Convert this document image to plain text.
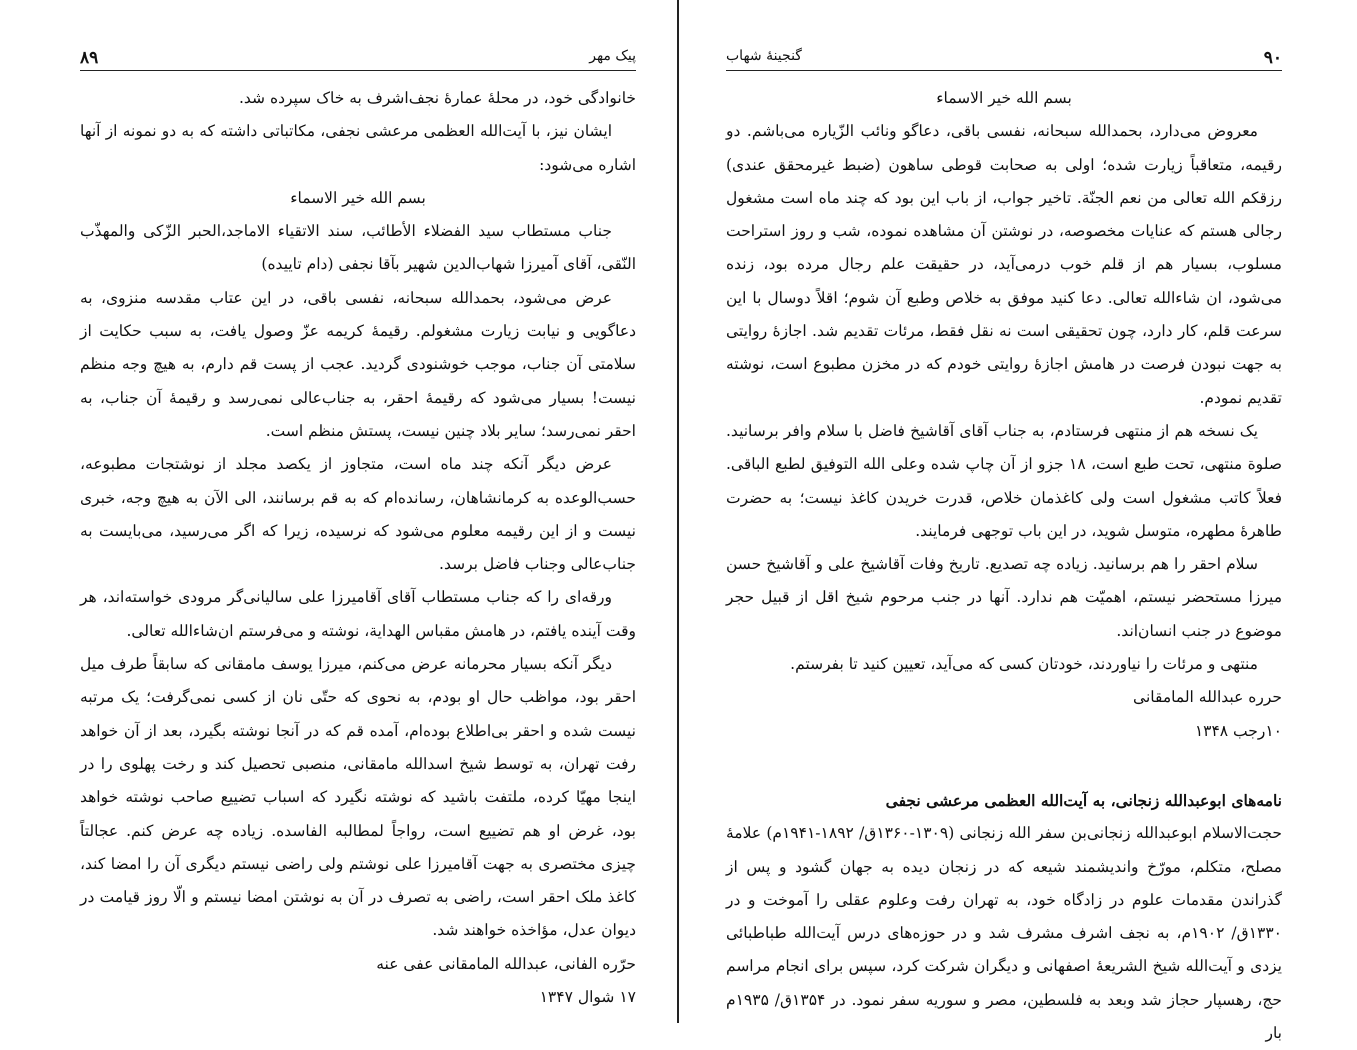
۸۹	پیک مهر

خانوادگی خود، در محلهٔ عمارهٔ نجف‌اشرف به خاک سپرده شد.

ایشان نیز، با آیت‌الله العظمی مرعشی نجفی، مکاتباتی داشته که به دو نمونه از آنها اشاره می‌شود:

بسم الله خیر الاسماء

جناب مستطاب سید الفضلاء الأطائب، سند الاتقیاء الاماجد،الحبر الزّکی والمهذّب النّقی، آقای آمیرزا شهاب‌الدین شهیر بآقا نجفی (دام تاییده)

عرض می‌شود، بحمدالله سبحانه، نفسی باقی، در این عتاب مقدسه منزوی، به دعاگویی و نیابت زیارت مشغولم. رقیمهٔ کریمه عزّ وصول یافت، به سبب حکایت از سلامتی آن جناب، موجب خوشنودی گردید. عجب از پست قم دارم، به هیچ وجه منظم نیست! بسیار می‌شود که رقیمهٔ احقر، به جناب‌عالی نمی‌رسد و رقیمهٔ آن جناب، به احقر نمی‌رسد؛ سایر بلاد چنین نیست، پستش منظم است.

عرض دیگر آنکه چند ماه است، متجاوز از یکصد مجلد از نوشتجات مطبوعه، حسب‌الوعده به کرمانشاهان، رسانده‌ام که به قم برسانند، الی الآن به هیچ وجه، خبری نیست و از این رقیمه معلوم می‌شود که نرسیده، زیرا که اگر می‌رسید، می‌بایست به جناب‌عالی وجناب فاضل برسد.

ورقه‌ای را که جناب مستطاب آقای آقامیرزا علی سالیانی‌گر مرودی خواسته‌اند، هر وقت آینده یافتم، در هامش مقباس الهدایة، نوشته و می‌فرستم ان‌شاءالله تعالی.

دیگر آنکه بسیار محرمانه عرض می‌کنم، میرزا یوسف مامقانی که سابقاً طرف میل احقر بود، مواظب حال او بودم، به نحوی که حتّی نان از کسی نمی‌گرفت؛ یک مرتبه نیست شده و احقر بی‌اطلاع بوده‌ام، آمده قم که در آنجا نوشته بگیرد، بعد از آن خواهد رفت تهران، به توسط شیخ اسدالله مامقانی، منصبی تحصیل کند و رخت پهلوی را در اینجا مهیّا کرده، ملتفت باشید که نوشته نگیرد که اسباب تضییع صاحب نوشته خواهد بود، غرض او هم تضییع است، رواجاً لمطالبه الفاسده. زیاده چه عرض کنم. عجالتاً چیزی مختصری به جهت آقامیرزا علی نوشتم ولی راضی نیستم دیگری آن را امضا کند، کاغذ ملک احقر است، راضی به تصرف در آن به نوشتن امضا نیستم و الّا روز قیامت در دیوان عدل، مؤاخذه خواهند شد.

حرّره الفانی، عبدالله المامقانی عفی عنه

۱۷ شوال ۱۳۴۷

۹۰
گنجینهٔ شهاب

بسم الله خیر الاسماء

معروض می‌دارد، بحمدالله سبحانه، نفسی باقی، دعاگو ونائب الزّیاره می‌باشم. دو رقیمه، متعاقباً زیارت شده؛ اولی به صحابت قوطی ساهون (ضبط غیرمحقق عندی) رزقکم الله تعالی من نعم الجنّة. تاخیر جواب، از باب این بود که چند ماه است مشغول رجالی هستم که عنایات مخصوصه، در نوشتن آن مشاهده نموده، شب و روز استراحت مسلوب، بسیار هم از قلم خوب درمی‌آید، در حقیقت علم رجال مرده بود، زنده می‌شود، ان شاءالله تعالی. دعا کنید موفق به خلاص وطبع آن شوم؛ اقلاً دوسال با این سرعت قلم، کار دارد، چون تحقیقی است نه نقل فقط، مرئات تقدیم شد. اجازهٔ روایتی به جهت نبودن فرصت در هامش اجازهٔ روایتی خودم که در مخزن مطبوع است، نوشته تقدیم نمودم.

یک نسخه هم از منتهی فرستادم، به جناب آقای آقاشیخ فاضل با سلام وافر برسانید. صلوة منتهی، تحت طبع است، ۱۸ جزو از آن چاپ شده وعلی الله التوفیق لطبع الباقی. فعلاً کاتب مشغول است ولی کاغذمان خلاص، قدرت خریدن کاغذ نیست؛ به حضرت طاهرهٔ مطهره، متوسل شوید، در این باب توجهی فرمایند.

سلام احقر را هم برسانید. زیاده چه تصدیع. تاریخ وفات آقاشیخ علی و آقاشیخ حسن میرزا مستحضر نیستم، اهمیّت هم ندارد. آنها در جنب مرحوم شیخ اقل از قبیل حجر موضوع در جنب انسان‌اند.

منتهی و مرئات را نیاوردند، خودتان کسی که می‌آید، تعیین کنید تا بفرستم.

حرره عبدالله المامقانی

۱۰رجب ۱۳۴۸

نامه‌های ابوعبدالله زنجانی، به آیت‌الله العظمی مرعشی نجفی

حجت‌الاسلام ابوعبدالله زنجانی‌بن سفر الله زنجانی (۱۳۰۹-۱۳۶۰ق/ ۱۸۹۲-۱۹۴۱م) علامهٔ مصلح، متکلم، مورّخ واندیشمند شیعه که در زنجان دیده به جهان گشود و پس از گذراندن مقدمات علوم در زادگاه خود، به تهران رفت وعلوم عقلی را آموخت و در ۱۳۳۰ق/ ۱۹۰۲م، به نجف اشرف مشرف شد و در حوزه‌های درس آیت‌الله طباطبائی یزدی و آیت‌الله شیخ الشریعهٔ اصفهانی و دیگران شرکت کرد، سپس برای انجام مراسم حج، رهسپار حجاز شد وبعد به فلسطین، مصر و سوریه سفر نمود. در ۱۳۵۴ق/ ۱۹۳۵م بار
